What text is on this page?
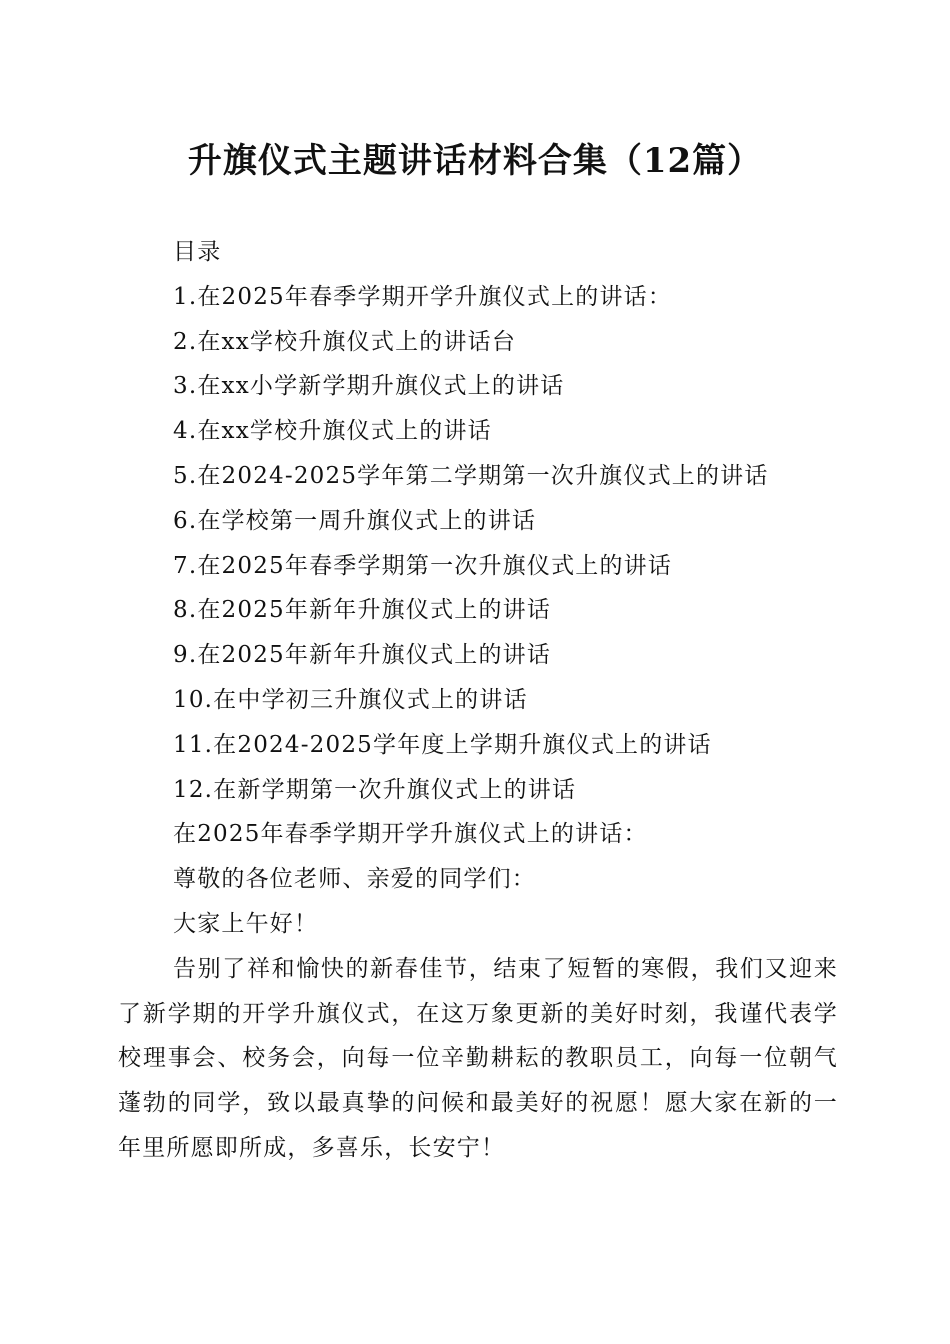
升旗仪式主题讲话材料合集（12篇）
目录
1.在2025年春季学期开学升旗仪式上的讲话：
2.在xx学校升旗仪式上的讲话台
3.在xx小学新学期升旗仪式上的讲话
4.在xx学校升旗仪式上的讲话
5.在2024-2025学年第二学期第一次升旗仪式上的讲话
6.在学校第一周升旗仪式上的讲话
7.在2025年春季学期第一次升旗仪式上的讲话
8.在2025年新年升旗仪式上的讲话
9.在2025年新年升旗仪式上的讲话
10.在中学初三升旗仪式上的讲话
11.在2024-2025学年度上学期升旗仪式上的讲话
12.在新学期第一次升旗仪式上的讲话
在2025年春季学期开学升旗仪式上的讲话：
尊敬的各位老师、亲爱的同学们：
大家上午好！

告别了祥和愉快的新春佳节，结束了短暂的寒假，我们又迎来了新学期的开学升旗仪式，在这万象更新的美好时刻，我谨代表学校理事会、校务会，向每一位辛勤耕耘的教职员工，向每一位朝气蓬勃的同学，致以最真挚的问候和最美好的祝愿！愿大家在新的一年里所愿即所成，多喜乐，长安宁！
